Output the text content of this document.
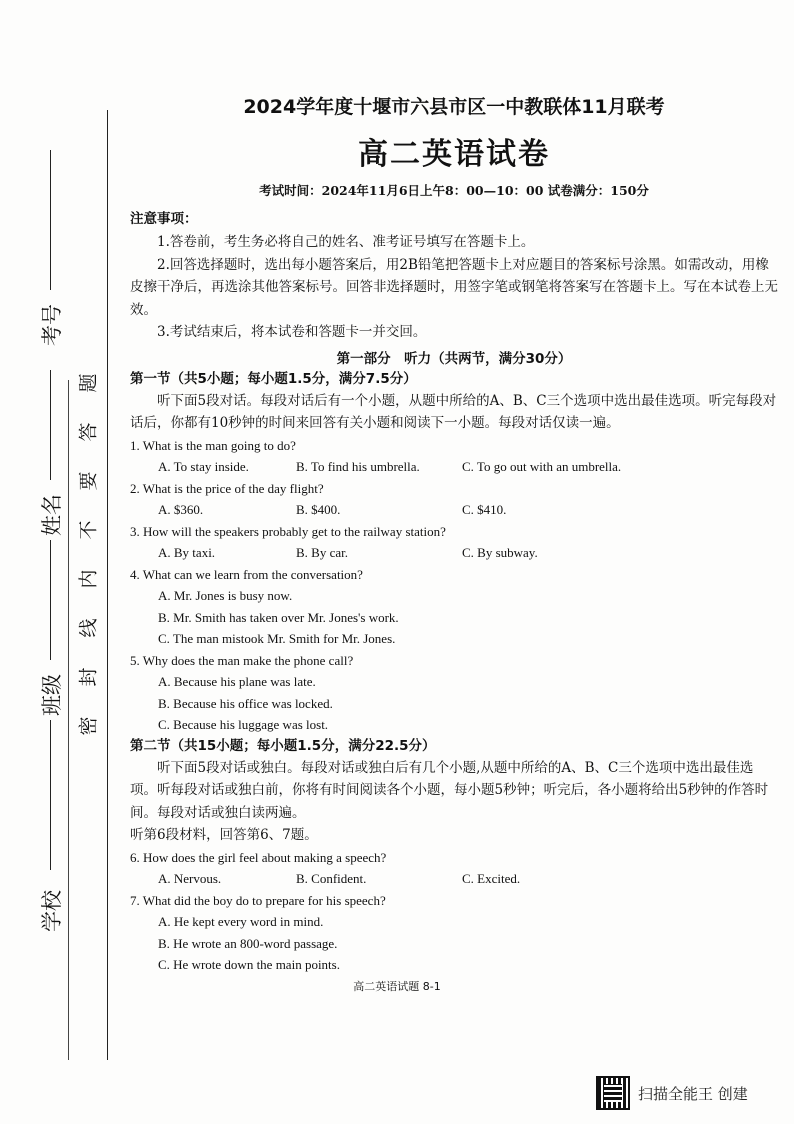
考号
姓名
班级
学校
题
答
要
不
内
线
封
密
2024学年度十堰市六县市区一中教联体11月联考
高二英语试卷
考试时间：2024年11月6日上午8：00—10：00 试卷满分：150分
注意事项：
1.答卷前，考生务必将自己的姓名、准考证号填写在答题卡上。
2.回答选择题时，选出每小题答案后，用2B铅笔把答题卡上对应题目的答案标号涂黑。如需改动，用橡皮擦干净后，再选涂其他答案标号。回答非选择题时，用签字笔或钢笔将答案写在答题卡上。写在本试卷上无效。
3.考试结束后，将本试卷和答题卡一并交回。
第一部分　听力（共两节，满分30分）
第一节（共5小题；每小题1.5分，满分7.5分）
听下面5段对话。每段对话后有一个小题，从题中所给的A、B、C三个选项中选出最佳选项。听完每段对话后，你都有10秒钟的时间来回答有关小题和阅读下一小题。每段对话仅读一遍。
1. What is the man going to do?
A. To stay inside.	B. To find his umbrella.	C. To go out with an umbrella.
2. What is the price of the day flight?
A. $360.	B. $400.	C. $410.
3. How will the speakers probably get to the railway station?
A. By taxi.	B. By car.	C. By subway.
4. What can we learn from the conversation?
A. Mr. Jones is busy now.
B. Mr. Smith has taken over Mr. Jones's work.
C. The man mistook Mr. Smith for Mr. Jones.
5. Why does the man make the phone call?
A. Because his plane was late.
B. Because his office was locked.
C. Because his luggage was lost.
第二节（共15小题；每小题1.5分，满分22.5分）
听下面5段对话或独白。每段对话或独白后有几个小题,从题中所给的A、B、C三个选项中选出最佳选项。听每段对话或独白前，你将有时间阅读各个小题，每小题5秒钟；听完后，各小题将给出5秒钟的作答时间。每段对话或独白读两遍。
听第6段材料，回答第6、7题。
6. How does the girl feel about making a speech?
A. Nervous.	B. Confident.	C. Excited.
7. What did the boy do to prepare for his speech?
A. He kept every word in mind.
B. He wrote an 800-word passage.
C. He wrote down the main points.
高二英语试题 8-1
扫描全能王 创建
